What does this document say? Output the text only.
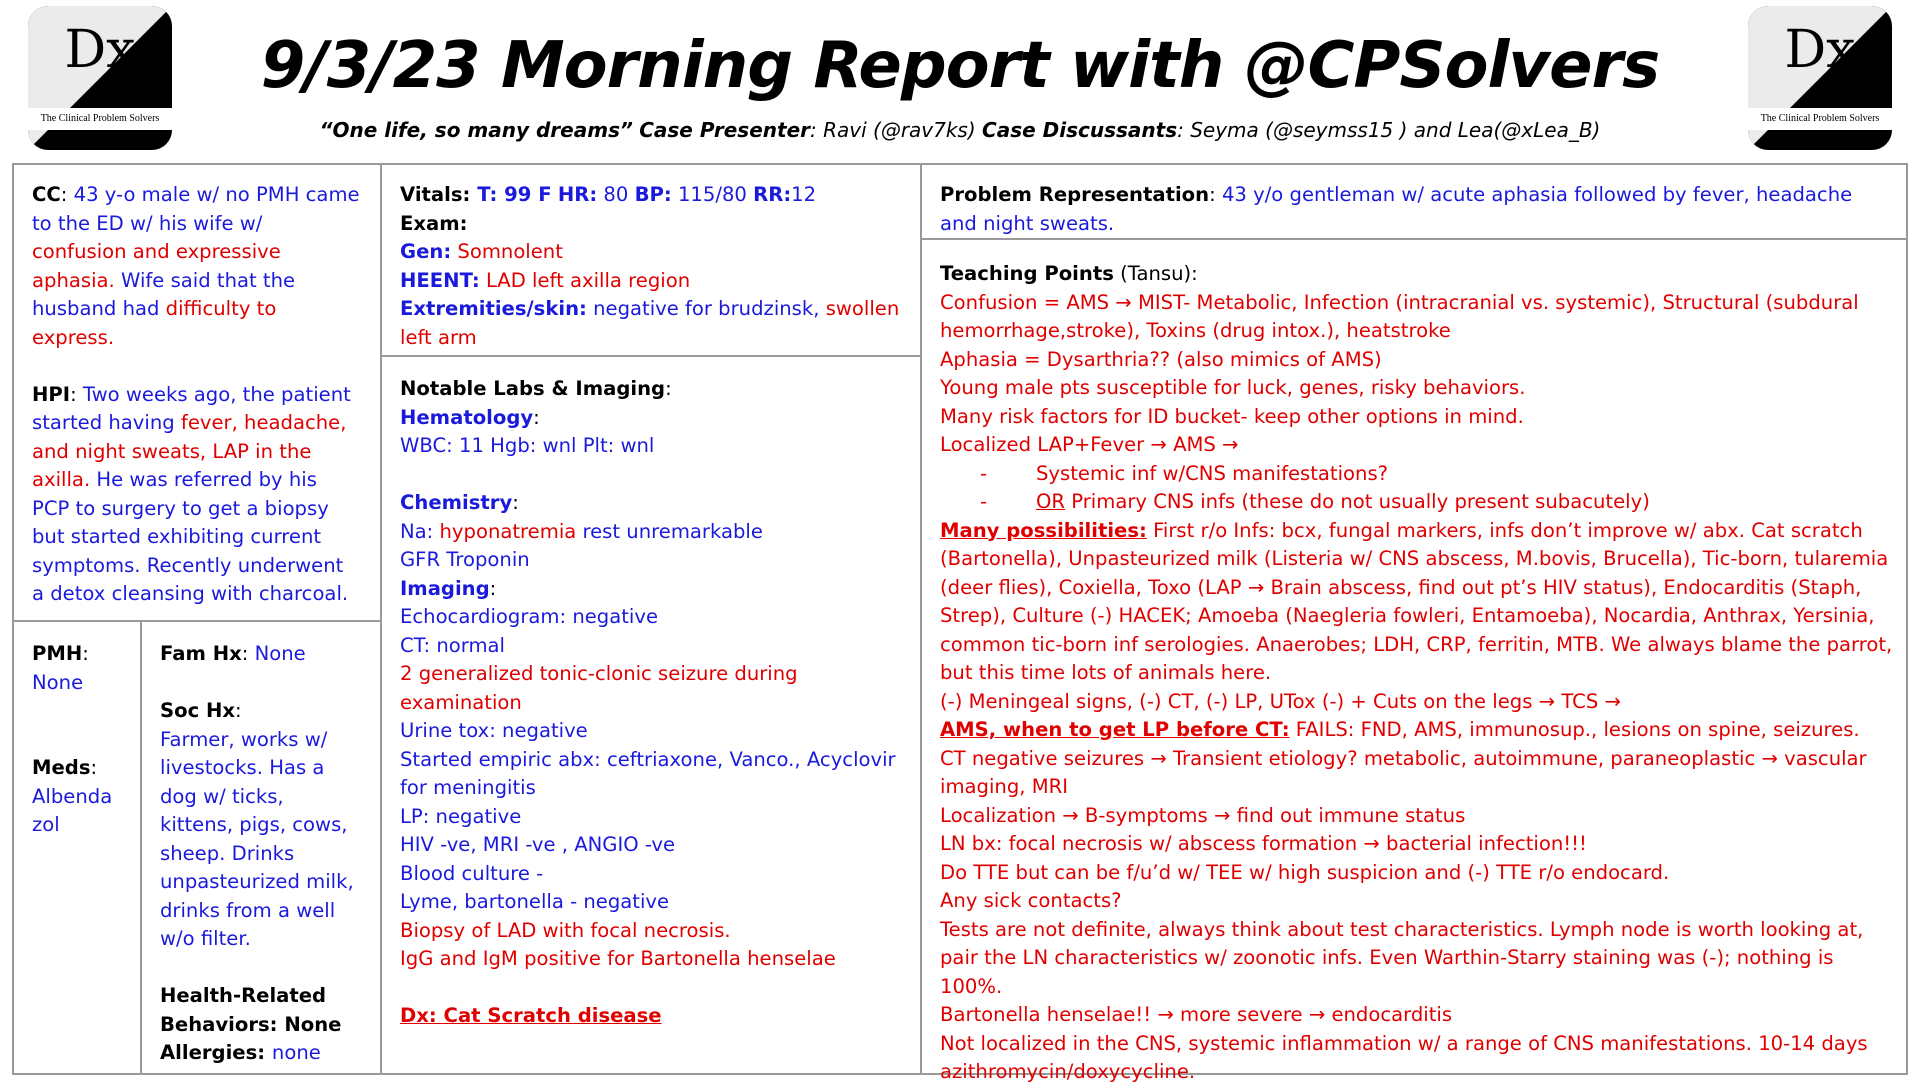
Dx
The Clinical Problem Solvers
Dx
The Clinical Problem Solvers
9/3/23 Morning Report with @CPSolvers
“One life, so many dreams” Case Presenter: Ravi (@rav7ks) Case Discussants: Seyma (@seymss15 ) and Lea(@xLea_B)
CC: 43 y-o male w/ no PMH came to the ED w/ his wife w/ confusion and expressive aphasia. Wife said that the husband had difficulty to express.
HPI: Two weeks ago, the patient started having fever, headache, and night sweats, LAP in the axilla. He was referred by his PCP to surgery to get a biopsy but started exhibiting current symptoms. Recently underwent a detox cleansing with charcoal.
PMH:
None
Meds:
Albenda zol
Fam Hx: None
Soc Hx:
Farmer, works w/ livestocks. Has a dog w/ ticks, kittens, pigs, cows, sheep. Drinks unpasteurized milk, drinks from a well w/o filter.
Health-Related Behaviors: None
Allergies: none
Vitals: T: 99 F HR: 80 BP: 115/80 RR:12
Exam:
Gen: Somnolent
HEENT: LAD left axilla region
Extremities/skin: negative for brudzinsk, swollen left arm
Notable Labs & Imaging:
Hematology:
WBC: 11 Hgb: wnl Plt: wnl
Chemistry:
Na: hyponatremia rest unremarkable
GFR Troponin
Imaging:
Echocardiogram: negative
CT: normal
2 generalized tonic-clonic seizure during examination
Urine tox: negative
Started empiric abx: ceftriaxone, Vanco., Acyclovir for meningitis
LP: negative
HIV -ve, MRI -ve , ANGIO -ve
Blood culture -
Lyme, bartonella - negative
Biopsy of LAD with focal necrosis.
IgG and IgM positive for Bartonella henselae
Dx: Cat Scratch disease
Problem Representation: 43 y/o gentleman w/ acute aphasia followed by fever, headache and night sweats.
Teaching Points (Tansu):
Confusion = AMS → MIST- Metabolic, Infection (intracranial vs. systemic), Structural (subdural hemorrhage,stroke), Toxins (drug intox.), heatstroke
Aphasia = Dysarthria?? (also mimics of AMS)
Young male pts susceptible for luck, genes, risky behaviors.
Many risk factors for ID bucket- keep other options in mind.
Localized LAP+Fever → AMS →
- Systemic inf w/CNS manifestations?
- OR Primary CNS infs (these do not usually present subacutely)
Many possibilities: First r/o Infs: bcx, fungal markers, infs don’t improve w/ abx. Cat scratch (Bartonella), Unpasteurized milk (Listeria w/ CNS abscess, M.bovis, Brucella), Tic-born, tularemia (deer flies), Coxiella, Toxo (LAP → Brain abscess, find out pt’s HIV status), Endocarditis (Staph, Strep), Culture (-) HACEK; Amoeba (Naegleria fowleri, Entamoeba), Nocardia, Anthrax, Yersinia, common tic-born inf serologies. Anaerobes; LDH, CRP, ferritin, MTB. We always blame the parrot, but this time lots of animals here.
(-) Meningeal signs, (-) CT, (-) LP, UTox (-) + Cuts on the legs → TCS →
AMS, when to get LP before CT: FAILS: FND, AMS, immunosup., lesions on spine, seizures.
CT negative seizures → Transient etiology? metabolic, autoimmune, paraneoplastic → vascular imaging, MRI
Localization → B-symptoms → find out immune status
LN bx: focal necrosis w/ abscess formation → bacterial infection!!!
Do TTE but can be f/u’d w/ TEE w/ high suspicion and (-) TTE r/o endocard.
Any sick contacts?
Tests are not definite, always think about test characteristics. Lymph node is worth looking at, pair the LN characteristics w/ zoonotic infs. Even Warthin-Starry staining was (-); nothing is 100%.
Bartonella henselae!! → more severe → endocarditis
Not localized in the CNS, systemic inflammation w/ a range of CNS manifestations. 10-14 days azithromycin/doxycycline.
